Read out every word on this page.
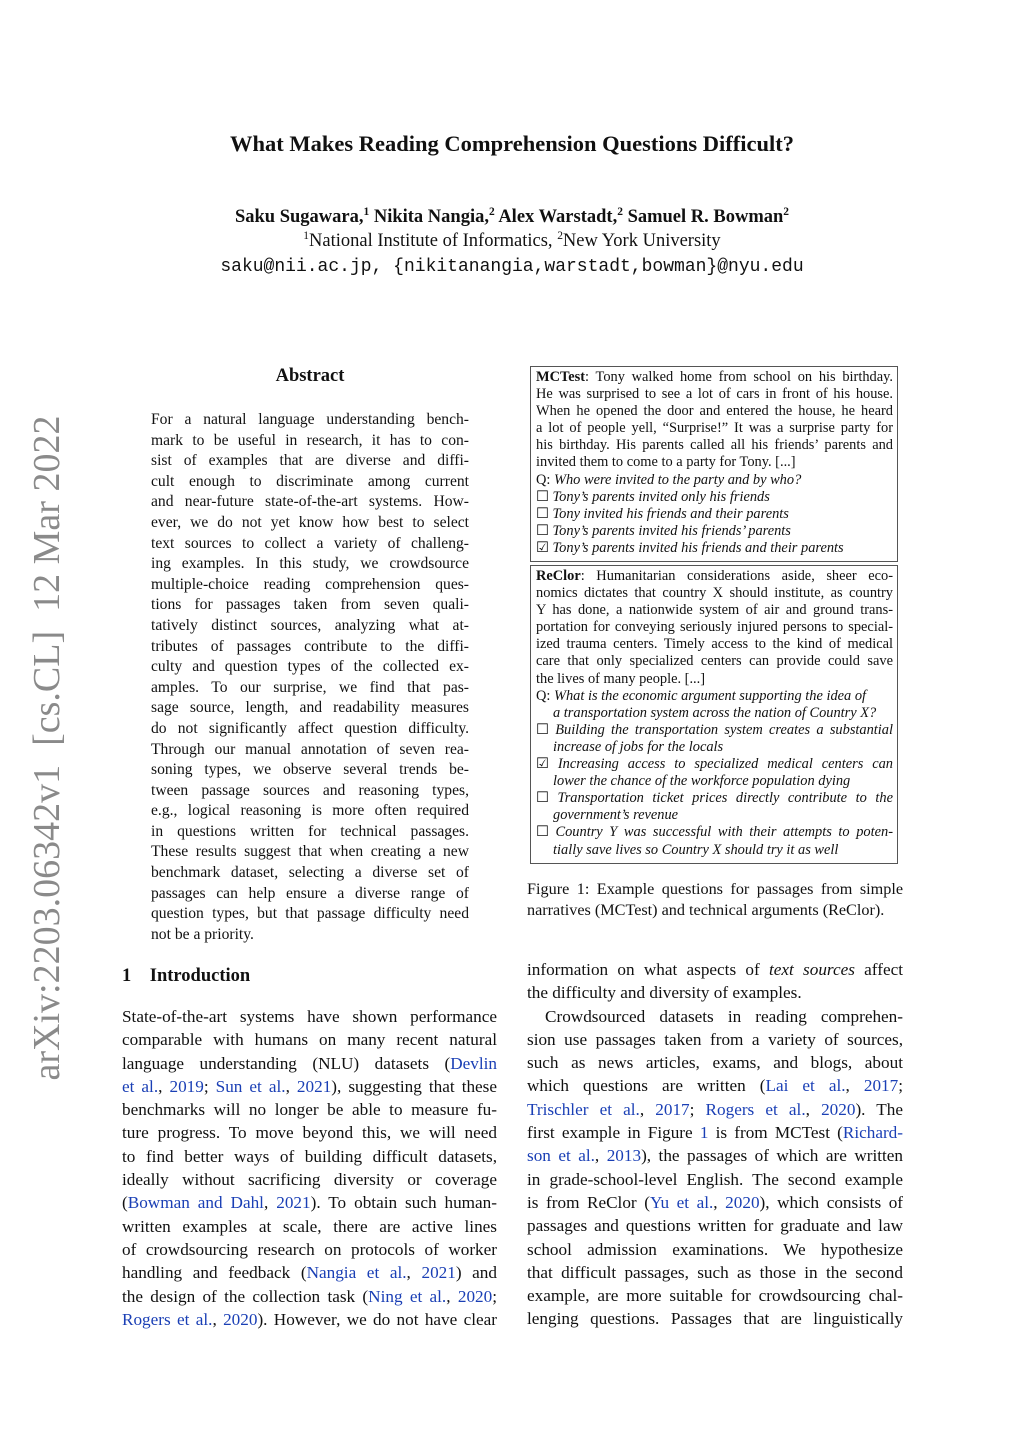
What Makes Reading Comprehension Questions Difficult?
Saku Sugawara,$^1$ Nikita Nangia,$^2$ Alex Warstadt,$^2$ Samuel R. Bowman$^2$
$^1$National Institute of Informatics, $^2$New York University
saku@nii.ac.jp, {nikitanangia,warstadt,bowman}@nyu.edu
arXiv:2203.06342v1  [cs.CL]  12 Mar 2022
Abstract
For a natural language understanding bench-
mark to be useful in research, it has to con-
sist of examples that are diverse and diffi-
cult enough to discriminate among current
and near-future state-of-the-art systems. How-
ever, we do not yet know how best to select
text sources to collect a variety of challeng-
ing examples. In this study, we crowdsource
multiple-choice reading comprehension ques-
tions for passages taken from seven quali-
tatively distinct sources, analyzing what at-
tributes of passages contribute to the diffi-
culty and question types of the collected ex-
amples. To our surprise, we find that pas-
sage source, length, and readability measures
do not significantly affect question difficulty.
Through our manual annotation of seven rea-
soning types, we observe several trends be-
tween passage sources and reasoning types,
e.g., logical reasoning is more often required
in questions written for technical passages.
These results suggest that when creating a new
benchmark dataset, selecting a diverse set of
passages can help ensure a diverse range of
question types, but that passage difficulty need
not be a priority.
MCTest: Tony walked home from school on his birthday.
He was surprised to see a lot of cars in front of his house.
When he opened the door and entered the house, he heard
a lot of people yell, “Surprise!” It was a surprise party for
his birthday. His parents called all his friends’ parents and
invited them to come to a party for Tony. [...]
Q: Who were invited to the party and by who?
☐ Tony’s parents invited only his friends
☐ Tony invited his friends and their parents
☐ Tony’s parents invited his friends’ parents
☑ Tony’s parents invited his friends and their parents
ReClor: Humanitarian considerations aside, sheer eco-
nomics dictates that country X should institute, as country
Y has done, a nationwide system of air and ground trans-
portation for conveying seriously injured persons to special-
ized trauma centers. Timely access to the kind of medical
care that only specialized centers can provide could save
the lives of many people. [...]
Q: What is the economic argument supporting the idea of
a transportation system across the nation of Country X?
☐ Building the transportation system creates a substantial
increase of jobs for the locals
☑ Increasing access to specialized medical centers can
lower the chance of the workforce population dying
☐ Transportation ticket prices directly contribute to the
government’s revenue
☐ Country Y was successful with their attempts to poten-
tially save lives so Country X should try it as well
Figure 1: Example questions for passages from simple
narratives (MCTest) and technical arguments (ReClor).
1    Introduction
State-of-the-art systems have shown performance
comparable with humans on many recent natural
language understanding (NLU) datasets (Devlin
et al., 2019; Sun et al., 2021), suggesting that these
benchmarks will no longer be able to measure fu-
ture progress. To move beyond this, we will need
to find better ways of building difficult datasets,
ideally without sacrificing diversity or coverage
(Bowman and Dahl, 2021). To obtain such human-
written examples at scale, there are active lines
of crowdsourcing research on protocols of worker
handling and feedback (Nangia et al., 2021) and
the design of the collection task (Ning et al., 2020;
Rogers et al., 2020). However, we do not have clear
information on what aspects of text sources affect
the difficulty and diversity of examples.
Crowdsourced datasets in reading comprehen-
sion use passages taken from a variety of sources,
such as news articles, exams, and blogs, about
which questions are written (Lai et al., 2017;
Trischler et al., 2017; Rogers et al., 2020). The
first example in Figure 1 is from MCTest (Richard-
son et al., 2013), the passages of which are written
in grade-school-level English. The second example
is from ReClor (Yu et al., 2020), which consists of
passages and questions written for graduate and law
school admission examinations. We hypothesize
that difficult passages, such as those in the second
example, are more suitable for crowdsourcing chal-
lenging questions. Passages that are linguistically
